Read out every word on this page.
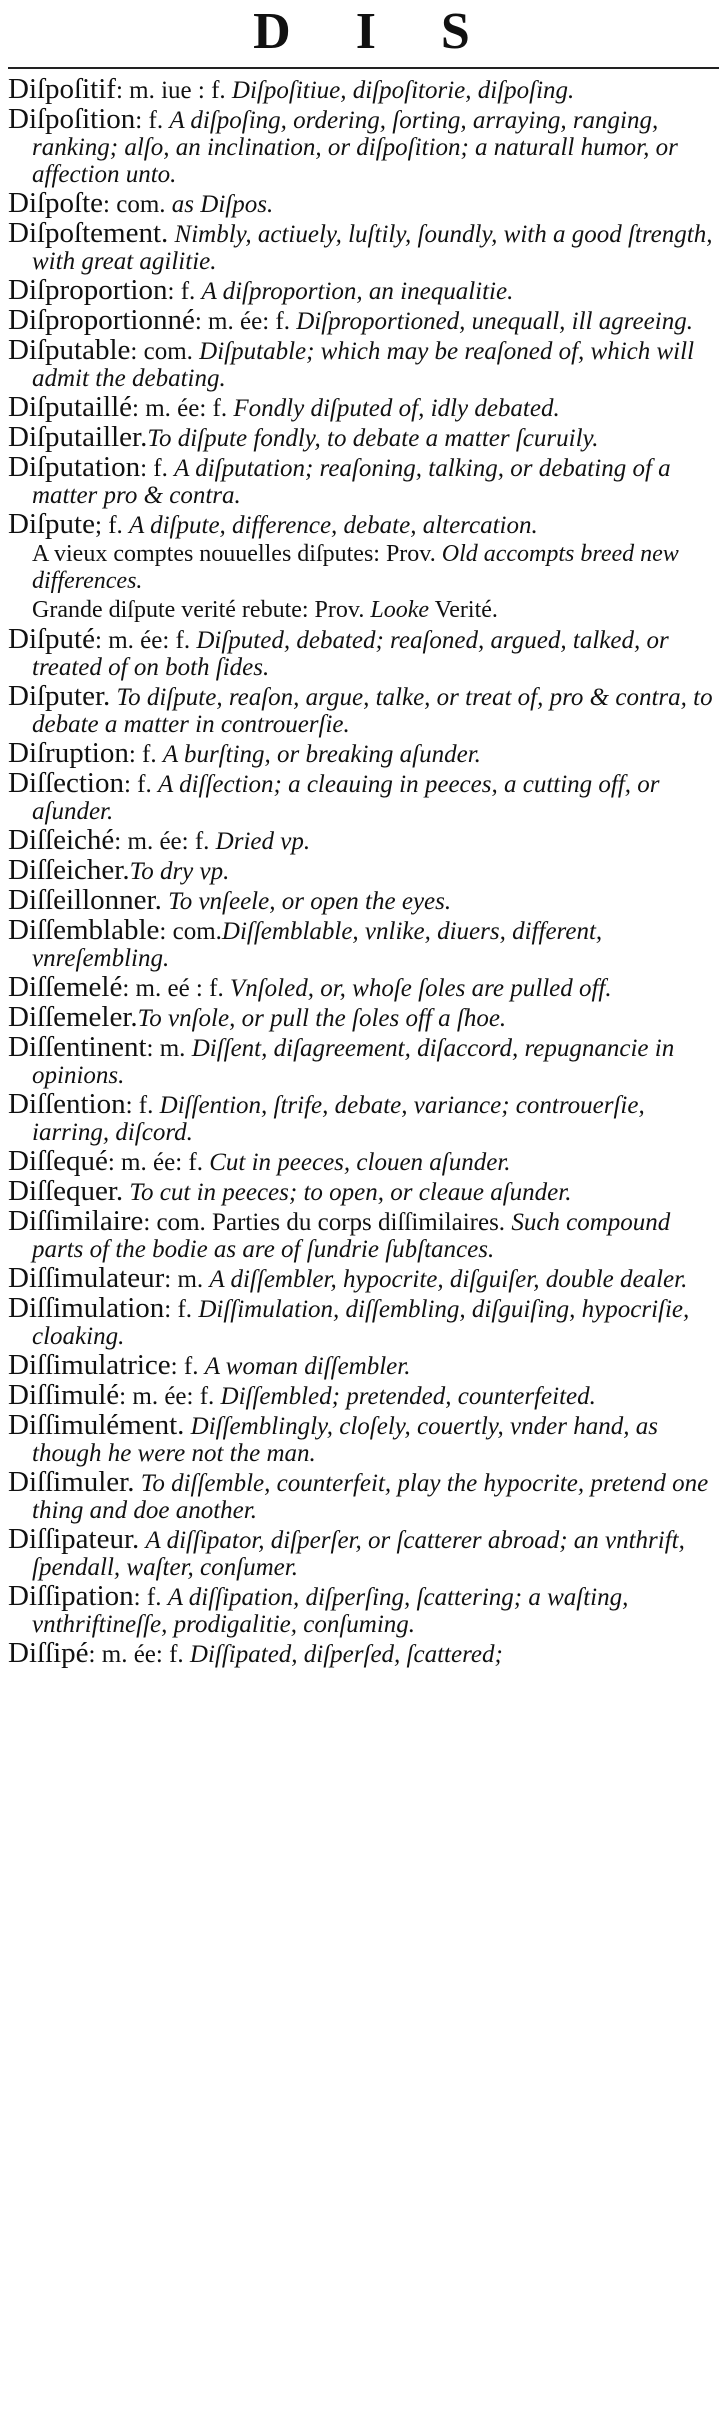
D I S

Diſpoſitif: m. iue : f. Diſpoſitiue, diſpoſitorie, diſpoſing.

Diſpoſition: f. A diſpoſing, ordering, ſorting, arraying, ranging, ranking; alſo, an inclination, or diſpoſition; a naturall humor, or affection unto.

Diſpoſte: com. as Diſpos.

Diſpoſtement. Nimbly, actiuely, luſtily, ſoundly, with a good ſtrength, with great agilitie.

Diſproportion: f. A diſproportion, an inequalitie.

Diſproportionné: m. ée: f. Diſproportioned, unequall, ill agreeing.

Diſputable: com. Diſputable; which may be reaſoned of, which will admit the debating.

Diſputaillé: m. ée: f. Fondly diſputed of, idly debated.

Diſputailler.To diſpute fondly, to debate a matter ſcuruily.

Diſputation: f. A diſputation; reaſoning, talking, or debating of a matter pro & contra.

Diſpute; f. A diſpute, difference, debate, altercation.

A vieux comptes nouuelles diſputes: Prov. Old accompts breed new differences.

Grande diſpute verité rebute: Prov. Looke Verité.

Diſputé: m. ée: f. Diſputed, debated; reaſoned, argued, talked, or treated of on both ſides.

Diſputer. To diſpute, reaſon, argue, talke, or treat of, pro & contra, to debate a matter in controuerſie.

Diſruption: f. A burſting, or breaking aſunder.

Diſſection: f. A diſſection; a cleauing in peeces, a cutting off, or aſunder.

Diſſeiché: m. ée: f. Dried vp.

Diſſeicher.To dry vp.

Diſſeillonner. To vnſeele, or open the eyes.

Diſſemblable: com.Diſſemblable, vnlike, diuers, different, vnreſembling.

Diſſemelé: m. eé : f. Vnſoled, or, whoſe ſoles are pulled off.

Diſſemeler.To vnſole, or pull the ſoles off a ſhoe.

Diſſentinent: m. Diſſent, diſagreement, diſaccord, repugnancie in opinions.

Diſſention: f. Diſſention, ſtrife, debate, variance; controuerſie, iarring, diſcord.

Diſſequé: m. ée: f. Cut in peeces, clouen aſunder.

Diſſequer. To cut in peeces; to open, or cleaue aſunder.

Diſſimilaire: com. Parties du corps diſſimilaires. Such compound parts of the bodie as are of ſundrie ſubſtances.

Diſſimulateur: m. A diſſembler, hypocrite, diſguiſer, double dealer.

Diſſimulation: f. Diſſimulation, diſſembling, diſguiſing, hypocriſie, cloaking.

Diſſimulatrice: f. A woman diſſembler.

Diſſimulé: m. ée: f. Diſſembled; pretended, counterfeited.

Diſſimulément. Diſſemblingly, cloſely, couertly, vnder hand, as though he were not the man.

Diſſimuler. To diſſemble, counterfeit, play the hypocrite, pretend one thing and doe another.

Diſſipateur. A diſſipator, diſperſer, or ſcatterer abroad; an vnthrift, ſpendall, waſter, conſumer.

Diſſipation: f. A diſſipation, diſperſing, ſcattering; a waſting, vnthriftineſſe, prodigalitie, conſuming.

Diſſipé: m. ée: f. Diſſipated, diſperſed, ſcattered;
